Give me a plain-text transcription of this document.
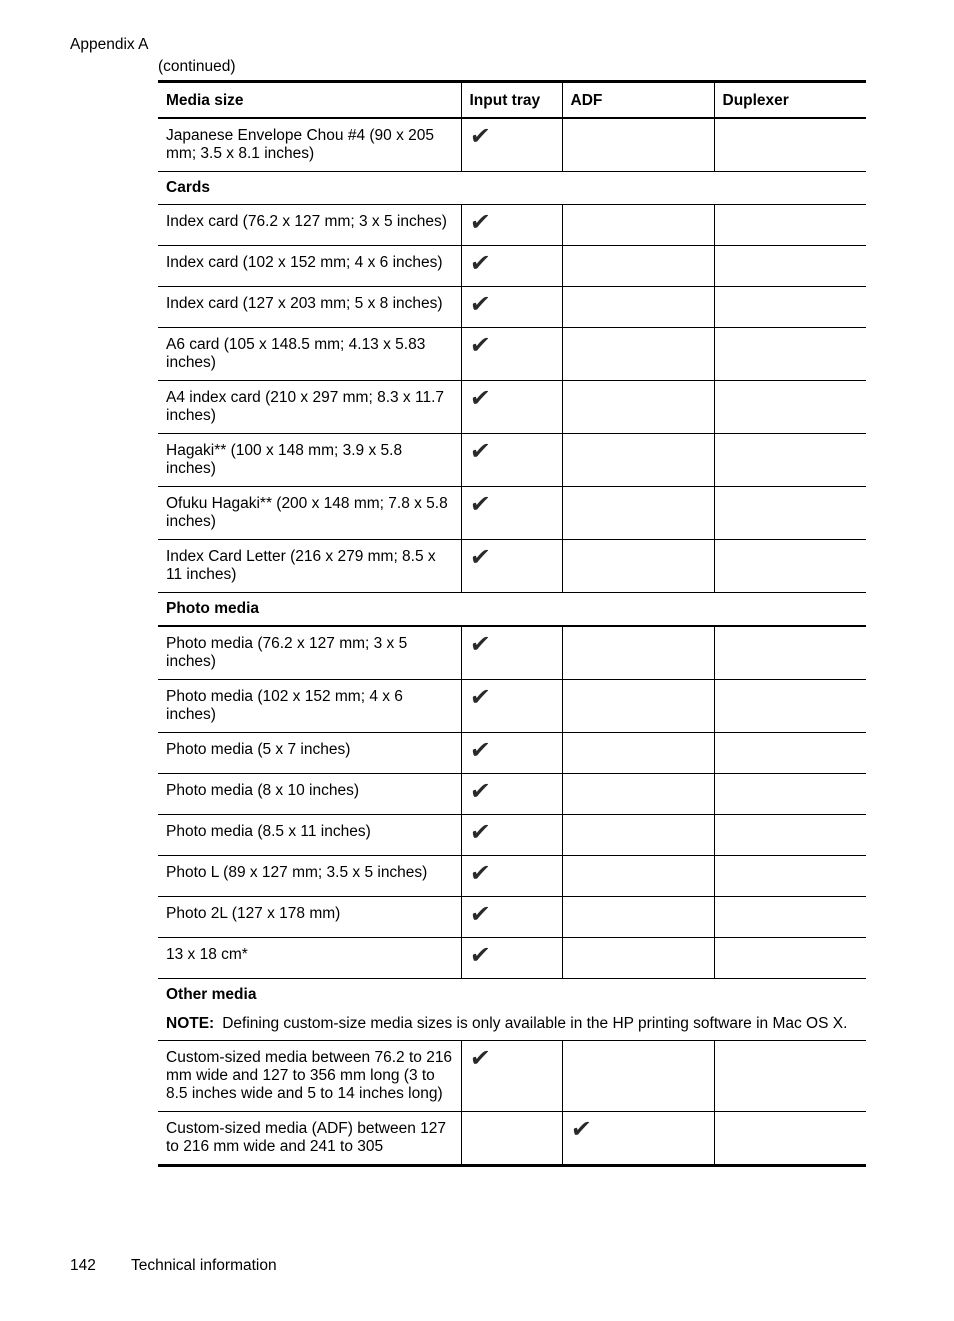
Appendix A
(continued)
Media size	Input tray	ADF	Duplexer
Japanese Envelope Chou #4 (90 x 205 mm; 3.5 x 8.1 inches)	✔		

Cards			

Index card (76.2 x 127 mm; 3 x 5 inches)	✔		
Index card (102 x 152 mm; 4 x 6 inches)	✔		
Index card (127 x 203 mm; 5 x 8 inches)	✔		
A6 card (105 x 148.5 mm; 4.13 x 5.83 inches)	✔		
A4 index card (210 x 297 mm; 8.3 x 11.7 inches)	✔		
Hagaki** (100 x 148 mm; 3.9 x 5.8 inches)	✔		
Ofuku Hagaki** (200 x 148 mm; 7.8 x 5.8 inches)	✔		
Index Card Letter (216 x 279 mm; 8.5 x 11 inches)	✔		

Photo media			

Photo media (76.2 x 127 mm; 3 x 5 inches)	✔		
Photo media (102 x 152 mm; 4 x 6 inches)	✔		
Photo media (5 x 7 inches)	✔		
Photo media (8 x 10 inches)	✔		
Photo media (8.5 x 11 inches)	✔		
Photo L (89 x 127 mm; 3.5 x 5 inches)	✔		
Photo 2L (127 x 178 mm)	✔		
13 x 18 cm*	✔		

Other media
NOTE: Defining custom-size media sizes is only available in the HP printing software in Mac OS X.			

Custom-sized media between 76.2 to 216 mm wide and 127 to 356 mm long (3 to 8.5 inches wide and 5 to 14 inches long)	✔		
Custom-sized media (ADF) between 127 to 216 mm wide and 241 to 305		✔	
142 Technical information
